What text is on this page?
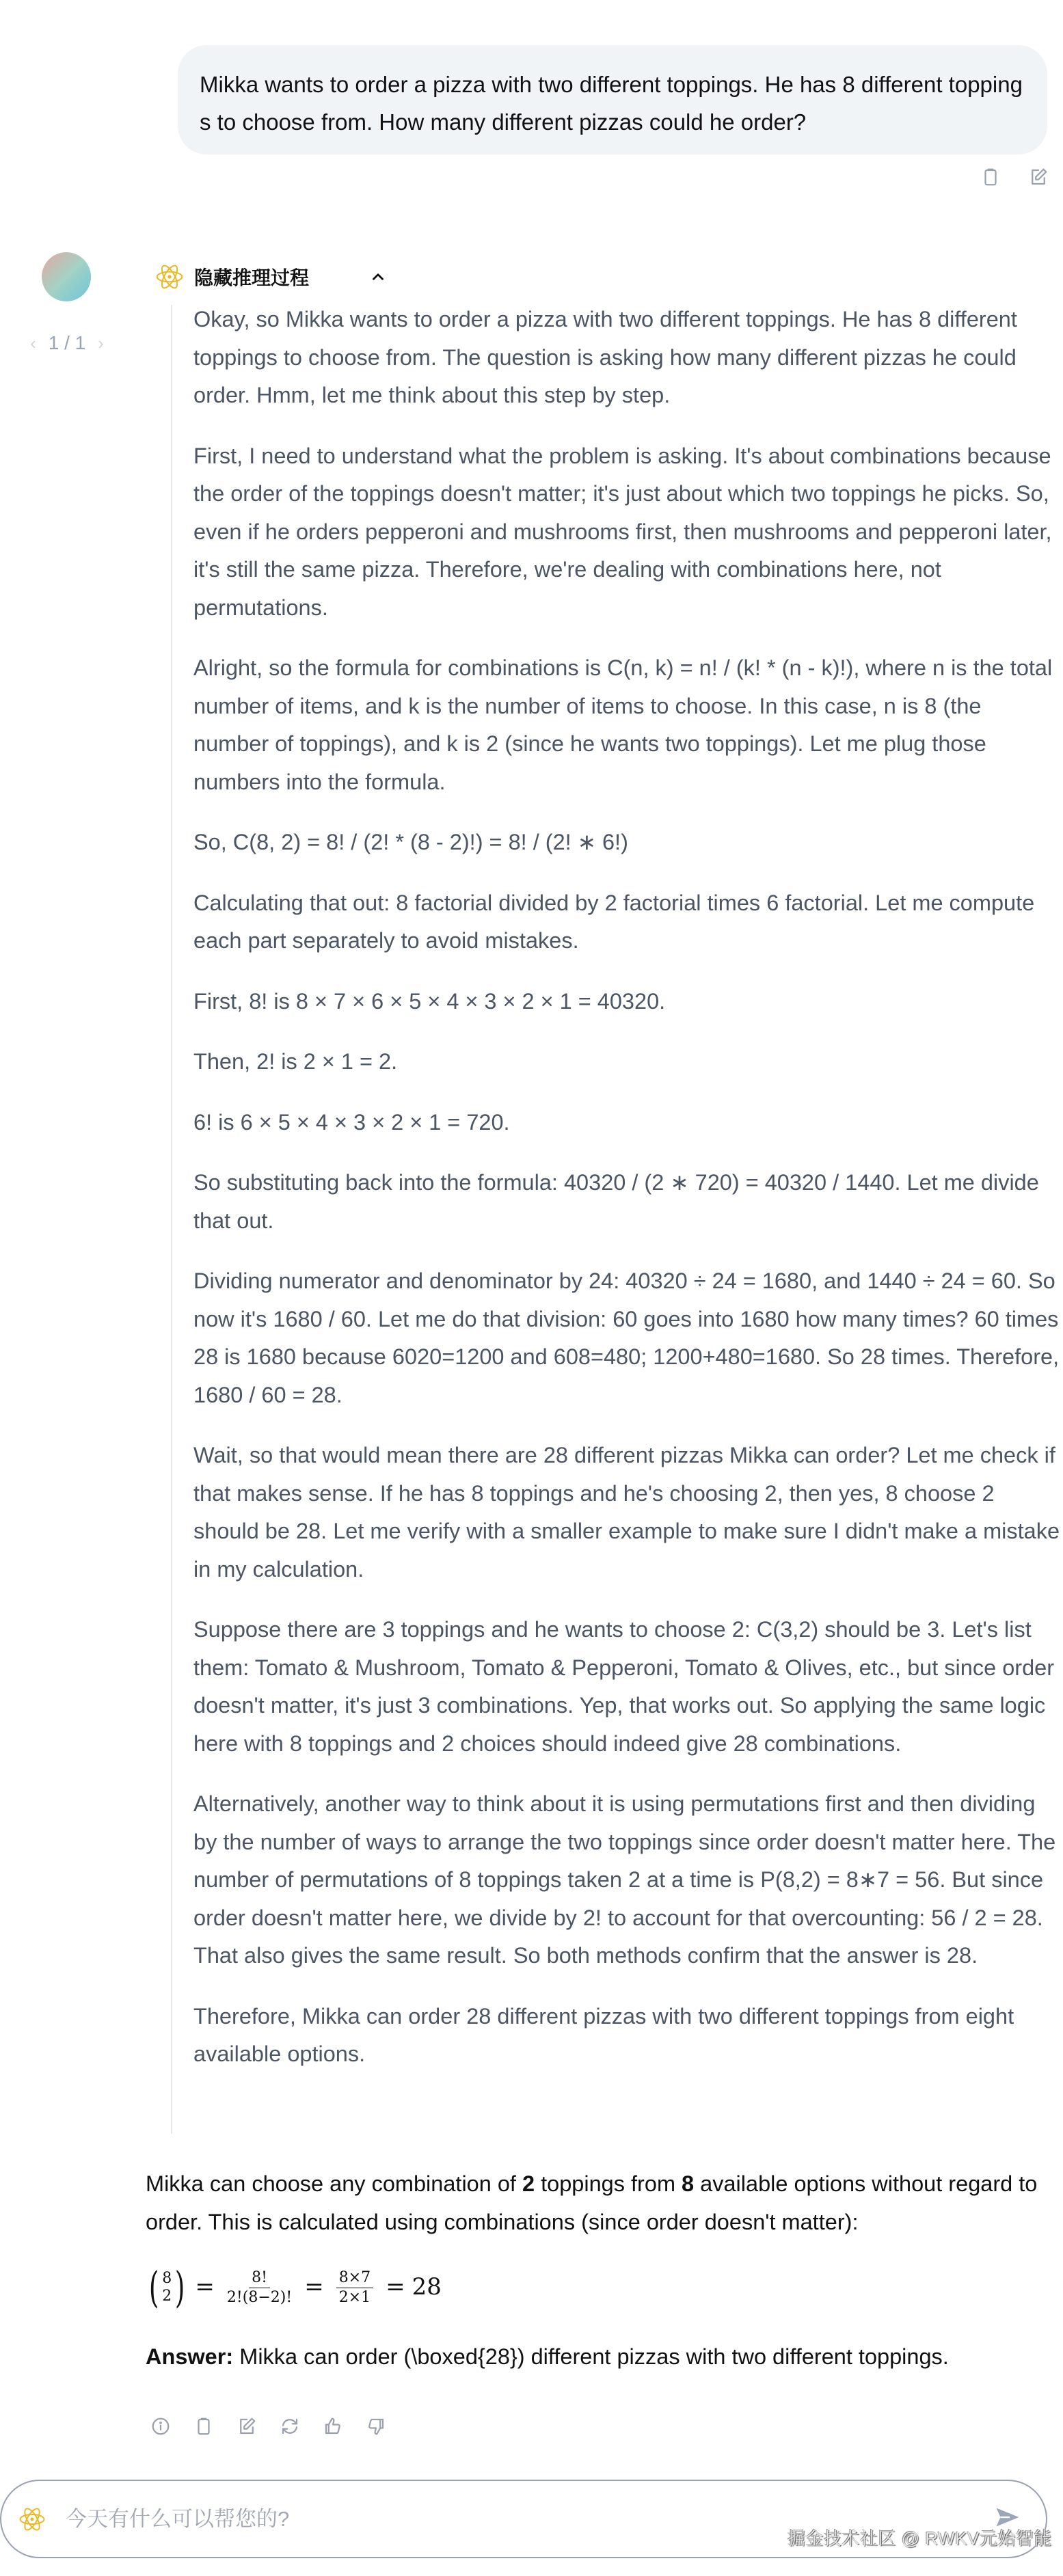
Mikka wants to order a pizza with two different toppings. He has 8 different toppings to choose from. How many different pizzas could he order?
‹ 1 / 1 ›
隐藏推理过程

Okay, so Mikka wants to order a pizza with two different toppings. He has 8 different toppings to choose from. The question is asking how many different pizzas he could order. Hmm, let me think about this step by step.

First, I need to understand what the problem is asking. It's about combinations because the order of the toppings doesn't matter; it's just about which two toppings he picks. So, even if he orders pepperoni and mushrooms first, then mushrooms and pepperoni later, it's still the same pizza. Therefore, we're dealing with combinations here, not permutations.

Alright, so the formula for combinations is C(n, k) = n! / (k! * (n - k)!), where n is the total number of items, and k is the number of items to choose. In this case, n is 8 (the number of toppings), and k is 2 (since he wants two toppings). Let me plug those numbers into the formula.

So, C(8, 2) = 8! / (2! * (8 - 2)!) = 8! / (2! ∗ 6!)

Calculating that out: 8 factorial divided by 2 factorial times 6 factorial. Let me compute each part separately to avoid mistakes.

First, 8! is 8 × 7 × 6 × 5 × 4 × 3 × 2 × 1 = 40320.

Then, 2! is 2 × 1 = 2.

6! is 6 × 5 × 4 × 3 × 2 × 1 = 720.

So substituting back into the formula: 40320 / (2 ∗ 720) = 40320 / 1440. Let me divide that out.

Dividing numerator and denominator by 24: 40320 ÷ 24 = 1680, and 1440 ÷ 24 = 60. So now it's 1680 / 60. Let me do that division: 60 goes into 1680 how many times? 60 times 28 is 1680 because 6020=1200 and 608=480; 1200+480=1680. So 28 times. Therefore, 1680 / 60 = 28.

Wait, so that would mean there are 28 different pizzas Mikka can order? Let me check if that makes sense. If he has 8 toppings and he's choosing 2, then yes, 8 choose 2 should be 28. Let me verify with a smaller example to make sure I didn't make a mistake in my calculation.

Suppose there are 3 toppings and he wants to choose 2: C(3,2) should be 3. Let's list them: Tomato & Mushroom, Tomato & Pepperoni, Tomato & Olives, etc., but since order doesn't matter, it's just 3 combinations. Yep, that works out. So applying the same logic here with 8 toppings and 2 choices should indeed give 28 combinations.

Alternatively, another way to think about it is using permutations first and then dividing by the number of ways to arrange the two toppings since order doesn't matter here. The number of permutations of 8 toppings taken 2 at a time is P(8,2) = 8∗7 = 56. But since order doesn't matter here, we divide by 2! to account for that overcounting: 56 / 2 = 28. That also gives the same result. So both methods confirm that the answer is 28.

Therefore, Mikka can order 28 different pizzas with two different toppings from eight available options.

Mikka can choose any combination of 2 toppings from 8 available options without regard to order. This is calculated using combinations (since order doesn't matter):

( 8
2 ) = $\frac{8!}{2!(8-2)!} = \frac{8\times 7}{2\times 1} = 28$

Answer: Mikka can order (\boxed{28}) different pizzas with two different toppings.

今天有什么可以帮您的?
掘金技术社区 @ RWKV元始智能
